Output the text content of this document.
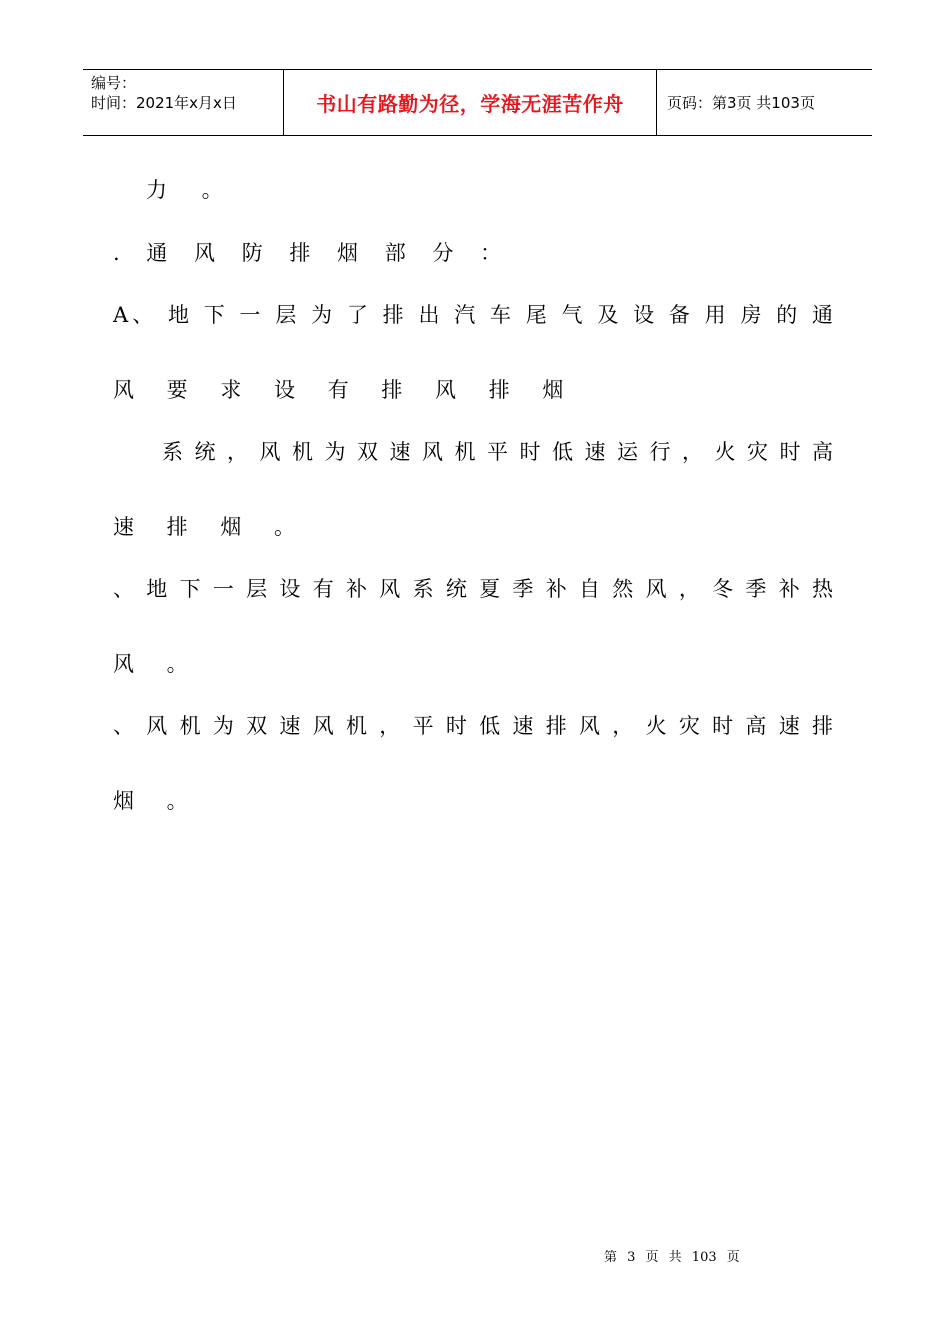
编号：
时间：2021年x月x日	书山有路勤为径，学海无涯苦作舟	页码：第3页 共103页
力 。
. 通 风 防 排 烟 部 分 ：
A、 地 下 一 层 为 了 排 出 汽 车 尾 气 及 设 备 用 房 的 通
风 要 求 设 有 排 风 排 烟
系 统 ， 风 机 为 双 速 风 机 平 时 低 速 运 行 ， 火 灾 时 高
速 排 烟 。
、 地 下 一 层 设 有 补 风 系 统 夏 季 补 自 然 风 ， 冬 季 补 热
风 。
、 风 机 为 双 速 风 机 ， 平 时 低 速 排 风 ， 火 灾 时 高 速 排
烟 。
第 3 页 共 103 页
